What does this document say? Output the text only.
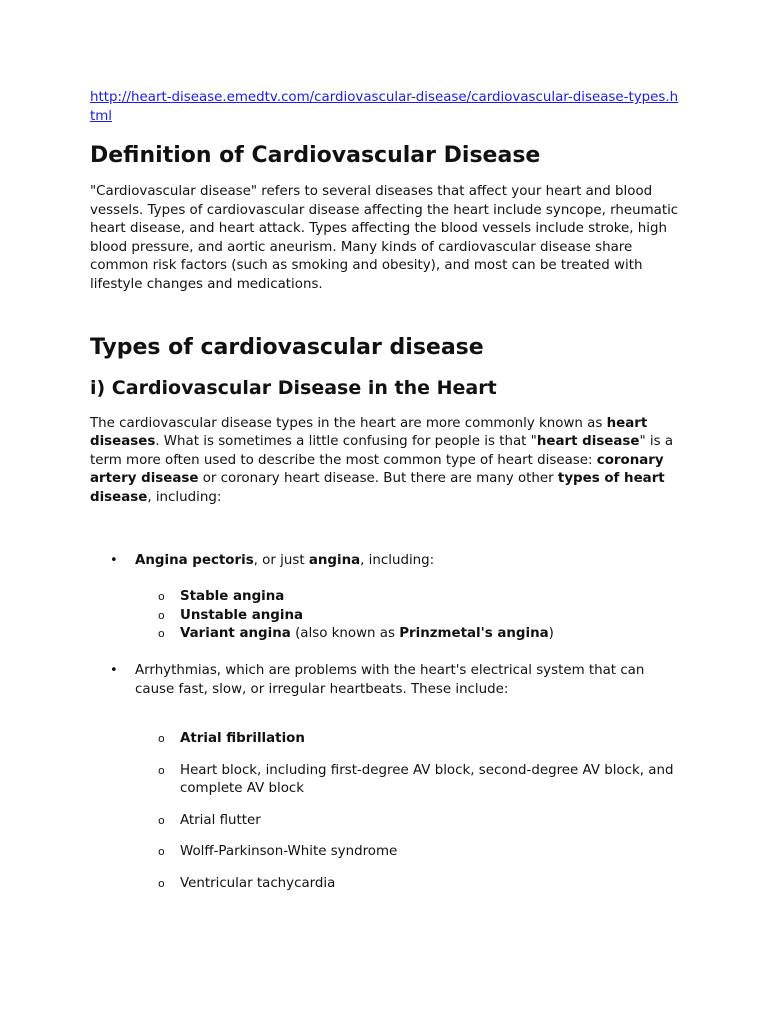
http://heart-disease.emedtv.com/cardiovascular-disease/cardiovascular-disease-types.html
Definition of Cardiovascular Disease

"Cardiovascular disease" refers to several diseases that affect your heart and blood vessels. Types of cardiovascular disease affecting the heart include syncope, rheumatic heart disease, and heart attack. Types affecting the blood vessels include stroke, high blood pressure, and aortic aneurism. Many kinds of cardiovascular disease share common risk factors (such as smoking and obesity), and most can be treated with lifestyle changes and medications.

Types of cardiovascular disease
i) Cardiovascular Disease in the Heart

The cardiovascular disease types in the heart are more commonly known as heart diseases. What is sometimes a little confusing for people is that "heart disease" is a term more often used to describe the most common type of heart disease: coronary artery disease or coronary heart disease. But there are many other types of heart disease, including:

• Angina pectoris, or just angina, including:
o Stable angina
o Unstable angina
o Variant angina (also known as Prinzmetal's angina)
• Arrhythmias, which are problems with the heart's electrical system that can cause fast, slow, or irregular heartbeats. These include:
o Atrial fibrillation
o Heart block, including first-degree AV block, second-degree AV block, and complete AV block
o Atrial flutter
o Wolff-Parkinson-White syndrome
o Ventricular tachycardia
